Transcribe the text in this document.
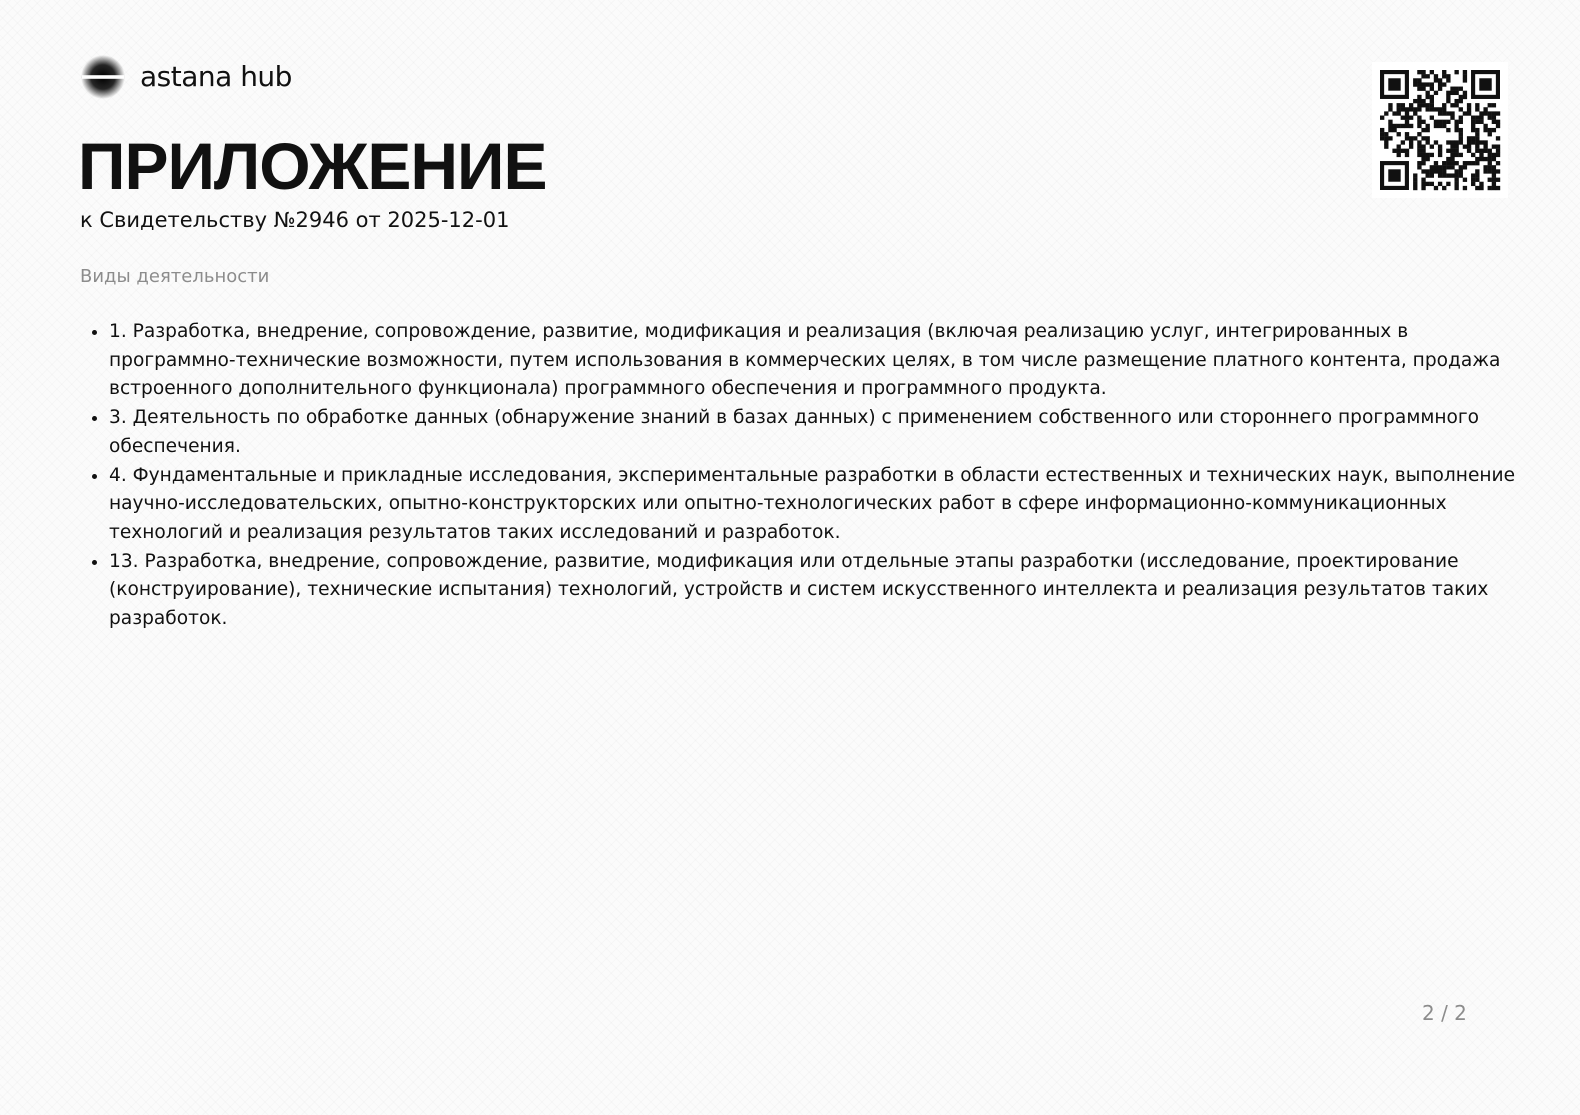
astana hub
ПРИЛОЖЕНИЕ
к Свидетельству №2946 от 2025-12-01
Виды деятельности
• 1. Разработка, внедрение, сопровождение, развитие, модификация и реализация (включая реализацию услуг, интегрированных в программно-технические возможности, путем использования в коммерческих целях, в том числе размещение платного контента, продажа встроенного дополнительного функционала) программного обеспечения и программного продукта.
• 3. Деятельность по обработке данных (обнаружение знаний в базах данных) с применением собственного или стороннего программного обеспечения.
• 4. Фундаментальные и прикладные исследования, экспериментальные разработки в области естественных и технических наук, выполнение научно-исследовательских, опытно-конструкторских или опытно-технологических работ в сфере информационно-коммуникационных технологий и реализация результатов таких исследований и разработок.
• 13. Разработка, внедрение, сопровождение, развитие, модификация или отдельные этапы разработки (исследование, проектирование (конструирование), технические испытания) технологий, устройств и систем искусственного интеллекта и реализация результатов таких разработок.
2 / 2
